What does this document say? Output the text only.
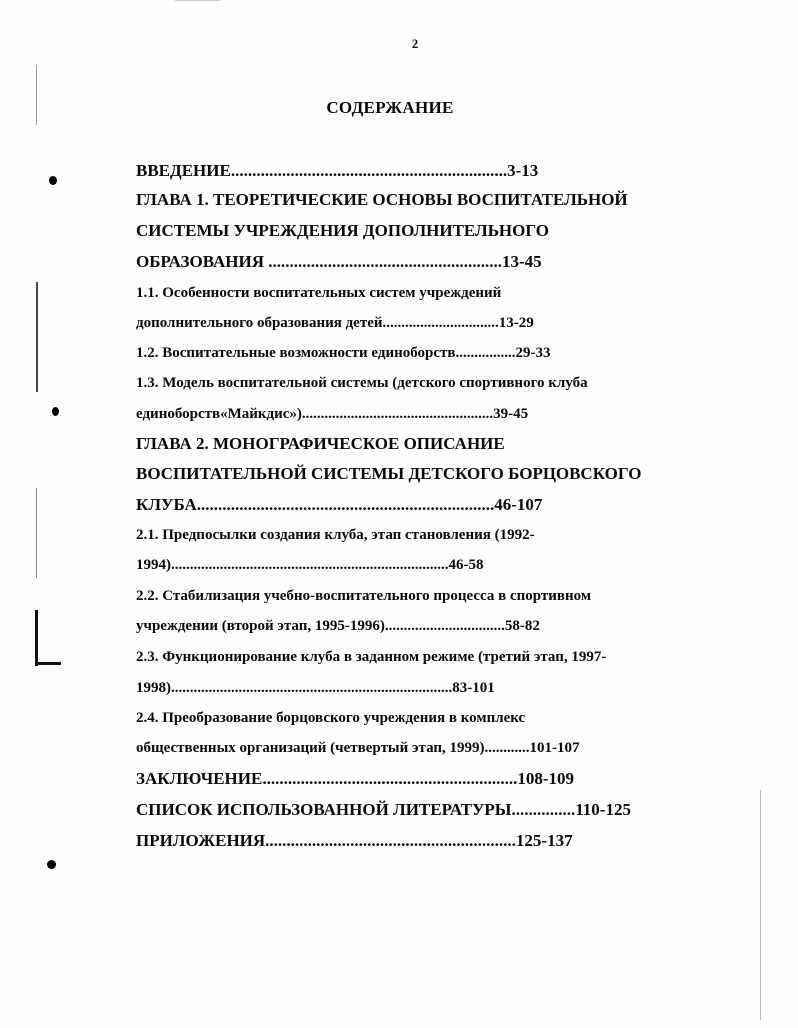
2
СОДЕРЖАНИЕ
ВВЕДЕНИЕ.................................................................3-13
ГЛАВА 1. ТЕОРЕТИЧЕСКИЕ ОСНОВЫ ВОСПИТАТЕЛЬНОЙ
СИСТЕМЫ УЧРЕЖДЕНИЯ ДОПОЛНИТЕЛЬНОГО
ОБРАЗОВАНИЯ .......................................................13-45
1.1. Особенности воспитательных систем учреждений
дополнительного образования детей...............................13-29
1.2. Воспитательные возможности единоборств................29-33
1.3. Модель воспитательной системы (детского спортивного клуба
единоборств«Майкдис»)...................................................39-45
ГЛАВА 2. МОНОГРАФИЧЕСКОЕ ОПИСАНИЕ
ВОСПИТАТЕЛЬНОЙ СИСТЕМЫ ДЕТСКОГО БОРЦОВСКОГО
КЛУБА......................................................................46-107
2.1. Предпосылки создания клуба, этап становления (1992-
1994)..........................................................................46-58
2.2. Стабилизация учебно-воспитательного процесса в спортивном
учреждении (второй этап, 1995-1996)................................58-82
2.3. Функционирование клуба в заданном режиме (третий этап, 1997-
1998)...........................................................................83-101
2.4. Преобразование борцовского учреждения в комплекс
общественных организаций (четвертый этап, 1999)............101-107
ЗАКЛЮЧЕНИЕ............................................................108-109
СПИСОК ИСПОЛЬЗОВАННОЙ ЛИТЕРАТУРЫ...............110-125
ПРИЛОЖЕНИЯ...........................................................125-137
